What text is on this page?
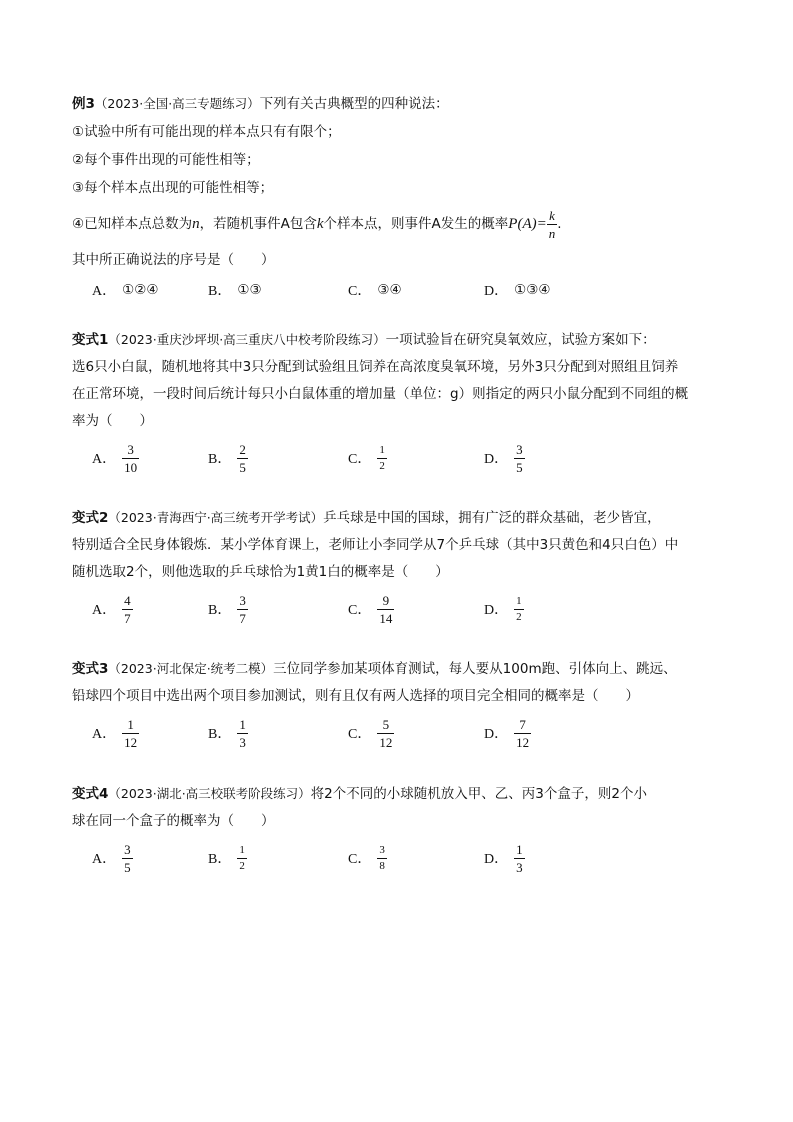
例3（2023·全国·高三专题练习）下列有关古典概型的四种说法：
①试验中所有可能出现的样本点只有有限个；
②每个事件出现的可能性相等；
③每个样本点出现的可能性相等；
④已知样本点总数为 n ，若随机事件A包含 k 个样本点，则事件A发生的概率 $P(A)= \frac{k}{n}$ .
其中所正确说法的序号是（　　）
A． ①②④	B． ①③	C． ③④	D． ①③④
变式1（2023·重庆沙坪坝·高三重庆八中校考阶段练习）一项试验旨在研究臭氧效应，试验方案如下：
选6只小白鼠，随机地将其中3只分配到试验组且饲养在高浓度臭氧环境，另外3只分配到对照组且饲养
在正常环境，一段时间后统计每只小白鼠体重的增加量（单位：g）则指定的两只小鼠分配到不同组的概
率为（　　）
A． $\frac{3}{10}$	B． $\frac{2}{5}$	C． $\frac{1}{2}$	D． $\frac{3}{5}$
变式2（2023·青海西宁·高三统考开学考试）乒乓球是中国的国球，拥有广泛的群众基础，老少皆宜，
特别适合全民身体锻炼．某小学体育课上，老师让小李同学从7个乒乓球（其中3只黄色和4只白色）中
随机选取2个，则他选取的乒乓球恰为1黄1白的概率是（　　）
A． $\frac{4}{7}$	B． $\frac{3}{7}$	C． $\frac{9}{14}$	D． $\frac{1}{2}$
变式3（2023·河北保定·统考二模）三位同学参加某项体育测试，每人要从100m跑、引体向上、跳远、
铅球四个项目中选出两个项目参加测试，则有且仅有两人选择的项目完全相同的概率是（　　）
A． $\frac{1}{12}$	B． $\frac{1}{3}$	C． $\frac{5}{12}$	D． $\frac{7}{12}$
变式4（2023·湖北·高三校联考阶段练习）将2个不同的小球随机放入甲、乙、丙3个盒子，则2个小
球在同一个盒子的概率为（　　）
A． $\frac{3}{5}$	B． $\frac{1}{2}$	C． $\frac{3}{8}$	D． $\frac{1}{3}$
